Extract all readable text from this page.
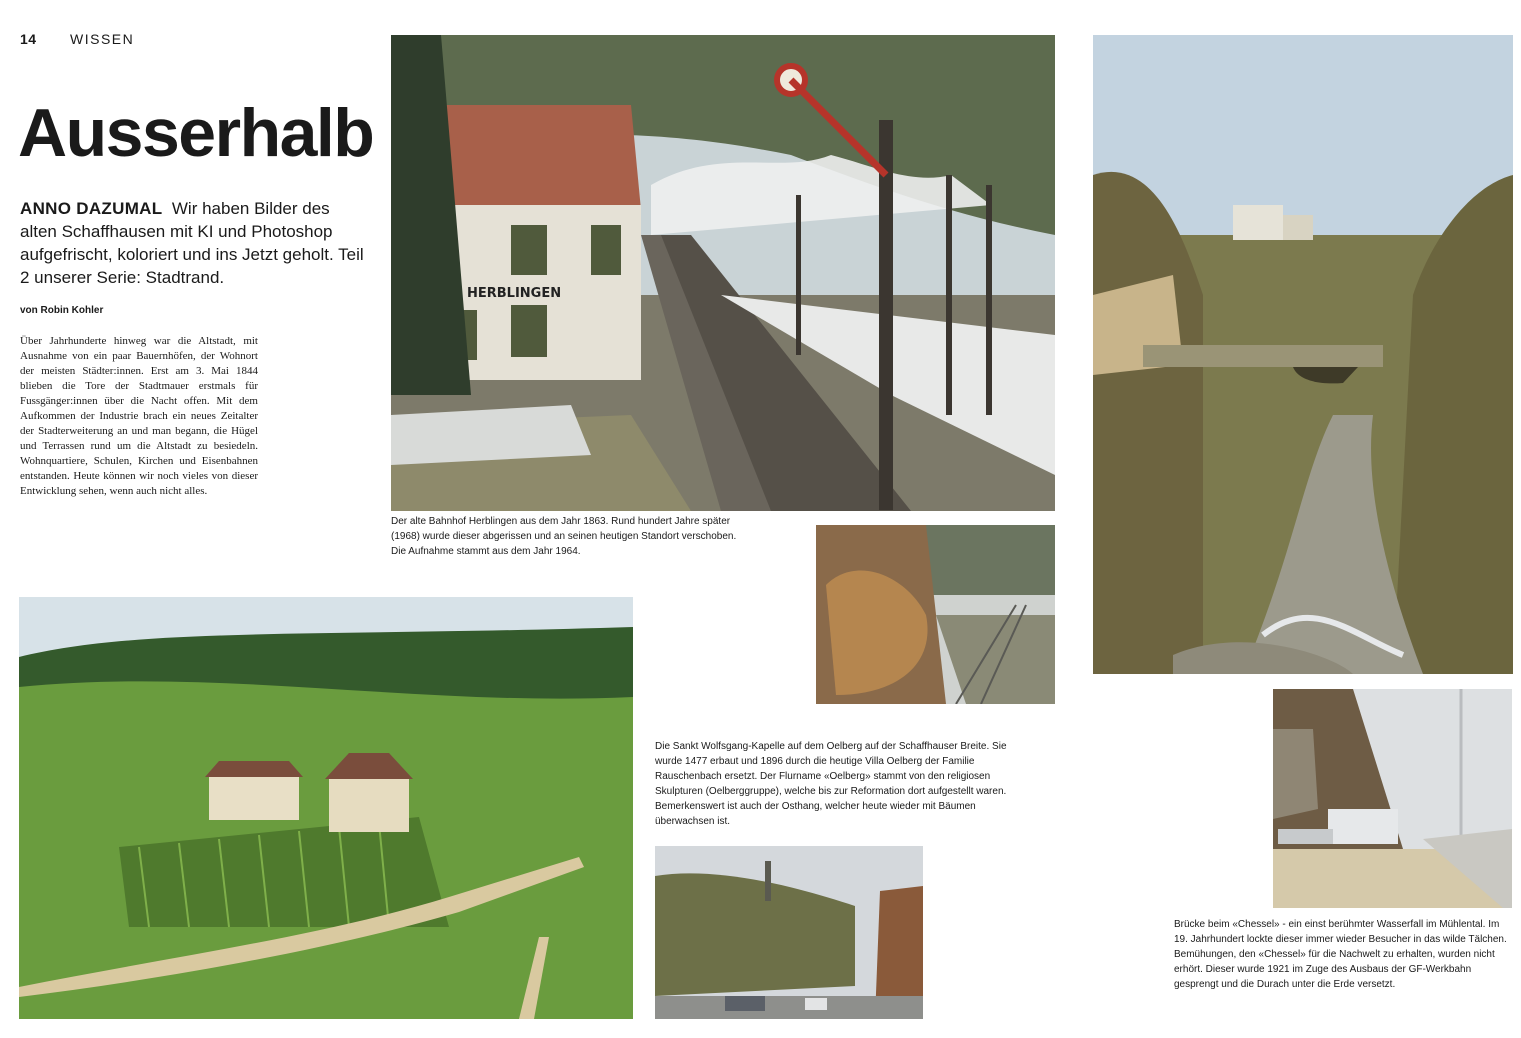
14 WISSEN
Ausserhalb
ANNO DAZUMAL Wir haben Bilder des alten Schaffhausen mit KI und Photoshop aufgefrischt, koloriert und ins Jetzt geholt. Teil 2 unserer Serie: Stadtrand.
von Robin Kohler
Über Jahrhunderte hinweg war die Altstadt, mit Ausnahme von ein paar Bauernhöfen, der Wohnort der meisten Städter:innen. Erst am 3. Mai 1844 blieben die Tore der Stadtmauer erstmals für Fussgänger:innen über die Nacht offen. Mit dem Aufkommen der Industrie brach ein neues Zeitalter der Stadterweiterung an und man begann, die Hügel und Terrassen rund um die Altstadt zu besiedeln. Wohnquartiere, Schulen, Kirchen und Eisenbahnen entstanden. Heute können wir noch vieles von dieser Entwicklung sehen, wenn auch nicht alles.
HERBLINGEN
Der alte Bahnhof Herblingen aus dem Jahr 1863. Rund hundert Jahre später (1968) wurde dieser abgerissen und an seinen heutigen Standort verschoben. Die Aufnahme stammt aus dem Jahr 1964.
Die Sankt Wolfsgang-Kapelle auf dem Oelberg auf der Schaffhauser Breite. Sie wurde 1477 erbaut und 1896 durch die heutige Villa Oelberg der Familie Rauschenbach ersetzt. Der Flurname «Oelberg» stammt von den religiosen Skulpturen (Oelberggruppe), welche bis zur Reformation dort aufgestellt waren. Bemerkenswert ist auch der Osthang, welcher heute wieder mit Bäumen überwachsen ist.
Brücke beim «Chessel» - ein einst berühmter Wasserfall im Mühlental. Im 19. Jahrhundert lockte dieser immer wieder Besucher in das wilde Tälchen. Bemühungen, den «Chessel» für die Nachwelt zu erhalten, wurden nicht erhört. Dieser wurde 1921 im Zuge des Ausbaus der GF-Werkbahn gesprengt und die Durach unter die Erde versetzt.
